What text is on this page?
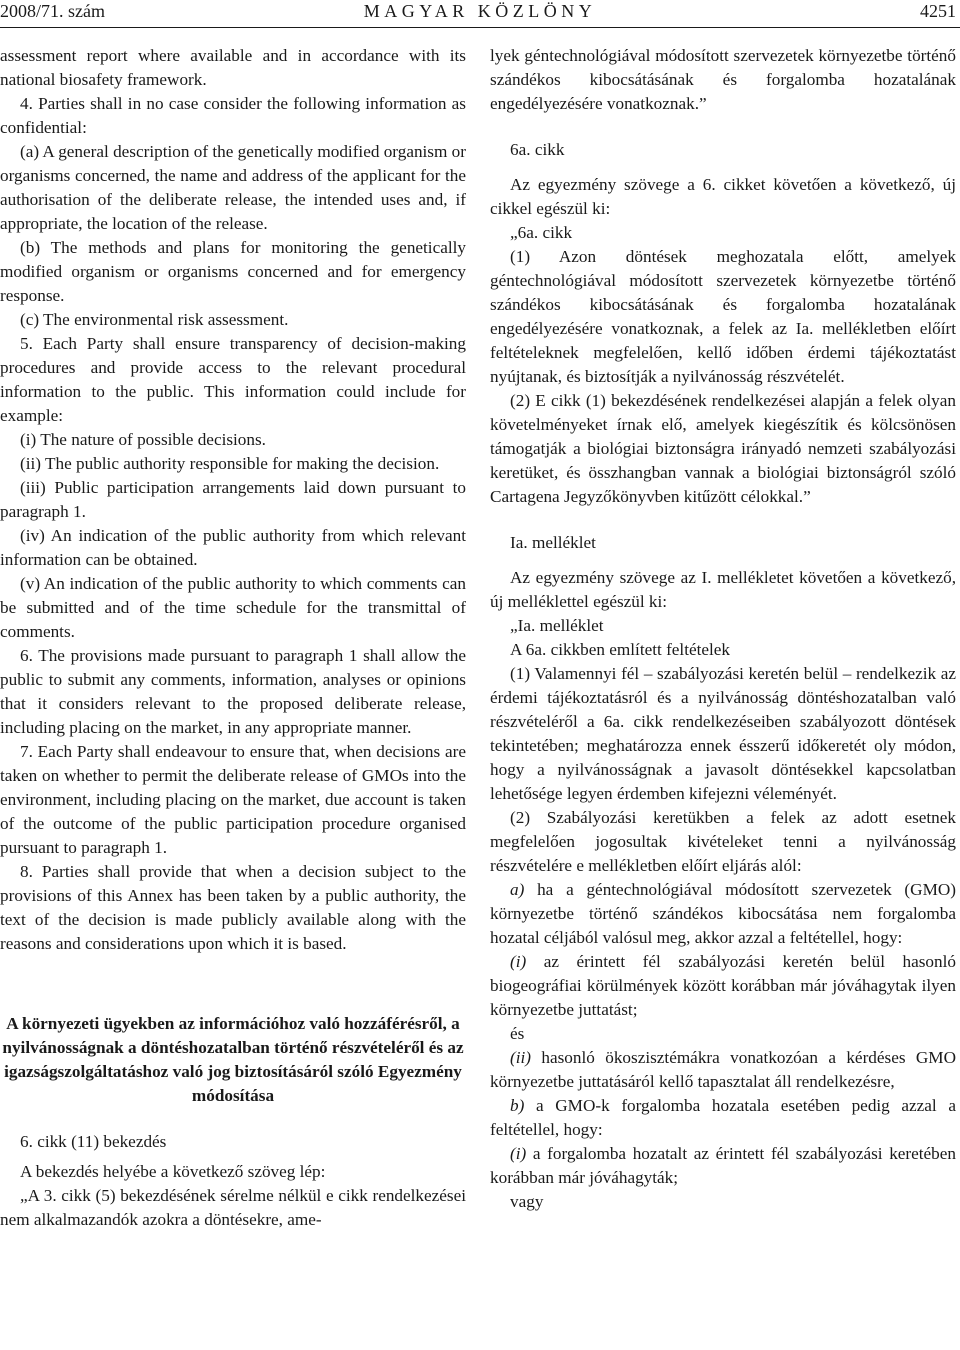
MAGYAR KÖZLÖNY
2008/71. szám	4251

assessment report where available and in accordance with its national biosafety framework.

4. Parties shall in no case consider the following information as confidential:

(a) A general description of the genetically modified organism or organisms concerned, the name and address of the applicant for the authorisation of the deliberate release, the intended uses and, if appropriate, the location of the release.

(b) The methods and plans for monitoring the genetically modified organism or organisms concerned and for emergency response.

(c) The environmental risk assessment.

5. Each Party shall ensure transparency of decision-making procedures and provide access to the relevant procedural information to the public. This information could include for example:

(i) The nature of possible decisions.

(ii) The public authority responsible for making the decision.

(iii) Public participation arrangements laid down pursuant to paragraph 1.

(iv) An indication of the public authority from which relevant information can be obtained.

(v) An indication of the public authority to which comments can be submitted and of the time schedule for the transmittal of comments.

6. The provisions made pursuant to paragraph 1 shall allow the public to submit any comments, information, analyses or opinions that it considers relevant to the proposed deliberate release, including placing on the market, in any appropriate manner.

7. Each Party shall endeavour to ensure that, when decisions are taken on whether to permit the deliberate release of GMOs into the environment, including placing on the market, due account is taken of the outcome of the public participation procedure organised pursuant to paragraph 1.

8. Parties shall provide that when a decision subject to the provisions of this Annex has been taken by a public authority, the text of the decision is made publicly available along with the reasons and considerations upon which it is based.

A környezeti ügyekben az információhoz való hozzáférésről, a nyilvánosságnak a döntéshozatalban történő részvételéről és az igazságszolgáltatáshoz való jog biztosításáról szóló Egyezmény módosítása

6. cikk (11) bekezdés

A bekezdés helyébe a következő szöveg lép:

„A 3. cikk (5) bekezdésének sérelme nélkül e cikk rendelkezései nem alkalmazandók azokra a döntésekre, ame-

lyek géntechnológiával módosított szervezetek környezetbe történő szándékos kibocsátásának és forgalomba hozatalának engedélyezésére vonatkoznak.”

6a. cikk

Az egyezmény szövege a 6. cikket követően a következő, új cikkel egészül ki:

„6a. cikk

(1) Azon döntések meghozatala előtt, amelyek géntechnológiával módosított szervezetek környezetbe történő szándékos kibocsátásának és forgalomba hozatalának engedélyezésére vonatkoznak, a felek az Ia. mellékletben előírt feltételeknek megfelelően, kellő időben érdemi tájékoztatást nyújtanak, és biztosítják a nyilvánosság részvételét.

(2) E cikk (1) bekezdésének rendelkezései alapján a felek olyan követelményeket írnak elő, amelyek kiegészítik és kölcsönösen támogatják a biológiai biztonságra irányadó nemzeti szabályozási keretüket, és összhangban vannak a biológiai biztonságról szóló Cartagena Jegyzőkönyvben kitűzött célokkal.”

Ia. melléklet

Az egyezmény szövege az I. mellékletet követően a következő, új melléklettel egészül ki:

„Ia. melléklet

A 6a. cikkben említett feltételek

(1) Valamennyi fél – szabályozási keretén belül – rendelkezik az érdemi tájékoztatásról és a nyilvánosság döntéshozatalban való részvételéről a 6a. cikk rendelkezéseiben szabályozott döntések tekintetében; meghatározza ennek ésszerű időkeretét oly módon, hogy a nyilvánosságnak a javasolt döntésekkel kapcsolatban lehetősége legyen érdemben kifejezni véleményét.

(2) Szabályozási keretükben a felek az adott esetnek megfelelően jogosultak kivételeket tenni a nyilvánosság részvételére e mellékletben előírt eljárás alól:

a) ha a géntechnológiával módosított szervezetek (GMO) környezetbe történő szándékos kibocsátása nem forgalomba hozatal céljából valósul meg, akkor azzal a feltétellel, hogy:

(i) az érintett fél szabályozási keretén belül hasonló biogeográfiai körülmények között korábban már jóváhagytak ilyen környezetbe juttatást;

és

(ii) hasonló ökoszisztémákra vonatkozóan a kérdéses GMO környezetbe juttatásáról kellő tapasztalat áll rendelkezésre,

b) a GMO-k forgalomba hozatala esetében pedig azzal a feltétellel, hogy:

(i) a forgalomba hozatalt az érintett fél szabályozási keretében korábban már jóváhagyták;

vagy
